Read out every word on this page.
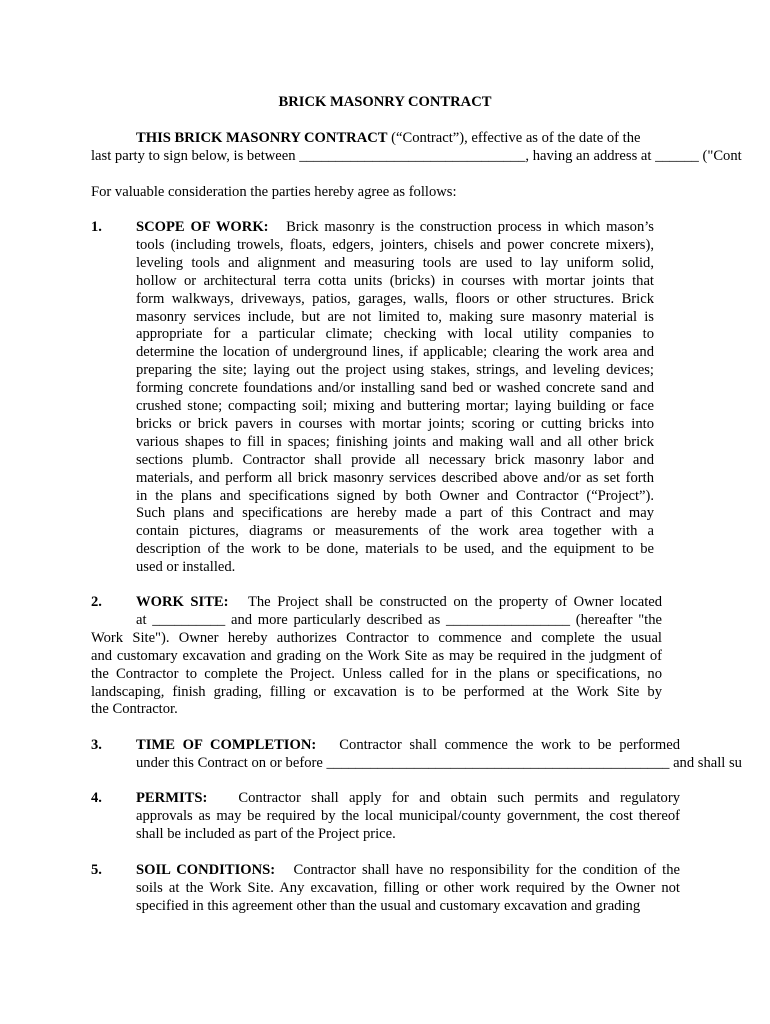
BRICK MASONRY CONTRACT
THIS BRICK MASONRY CONTRACT (“Contract”), effective as of the date of the
last party to sign below, is between _______________________________, having an address at ______ ("Cont
For valuable consideration the parties hereby agree as follows:
1. SCOPE OF WORK: Brick masonry is the construction process in which mason’s
tools (including trowels, floats, edgers, jointers, chisels and power concrete mixers),
leveling tools and alignment and measuring tools are used to lay uniform solid,
hollow or architectural terra cotta units (bricks) in courses with mortar joints that
form walkways, driveways, patios, garages, walls, floors or other structures. Brick
masonry services include, but are not limited to, making sure masonry material is
appropriate for a particular climate; checking with local utility companies to
determine the location of underground lines, if applicable; clearing the work area and
preparing the site; laying out the project using stakes, strings, and leveling devices;
forming concrete foundations and/or installing sand bed or washed concrete sand and
crushed stone; compacting soil; mixing and buttering mortar; laying building or face
bricks or brick pavers in courses with mortar joints; scoring or cutting bricks into
various shapes to fill in spaces; finishing joints and making wall and all other brick
sections plumb. Contractor shall provide all necessary brick masonry labor and
materials, and perform all brick masonry services described above and/or as set forth
in the plans and specifications signed by both Owner and Contractor (“Project”).
Such plans and specifications are hereby made a part of this Contract and may
contain pictures, diagrams or measurements of the work area together with a
description of the work to be done, materials to be used, and the equipment to be
used or installed.
2. WORK SITE: The Project shall be constructed on the property of Owner located
at __________ and more particularly described as _________________ (hereafter "the
Work Site"). Owner hereby authorizes Contractor to commence and complete the usual
and customary excavation and grading on the Work Site as may be required in the judgment of
the Contractor to complete the Project. Unless called for in the plans or specifications, no
landscaping, finish grading, filling or excavation is to be performed at the Work Site by
the Contractor.
3. TIME OF COMPLETION: Contractor shall commence the work to be performed
under this Contract on or before _______________________________________________ and shall su
4. PERMITS: Contractor shall apply for and obtain such permits and regulatory
approvals as may be required by the local municipal/county government, the cost thereof
shall be included as part of the Project price.
5. SOIL CONDITIONS: Contractor shall have no responsibility for the condition of the
soils at the Work Site. Any excavation, filling or other work required by the Owner not
specified in this agreement other than the usual and customary excavation and grading
